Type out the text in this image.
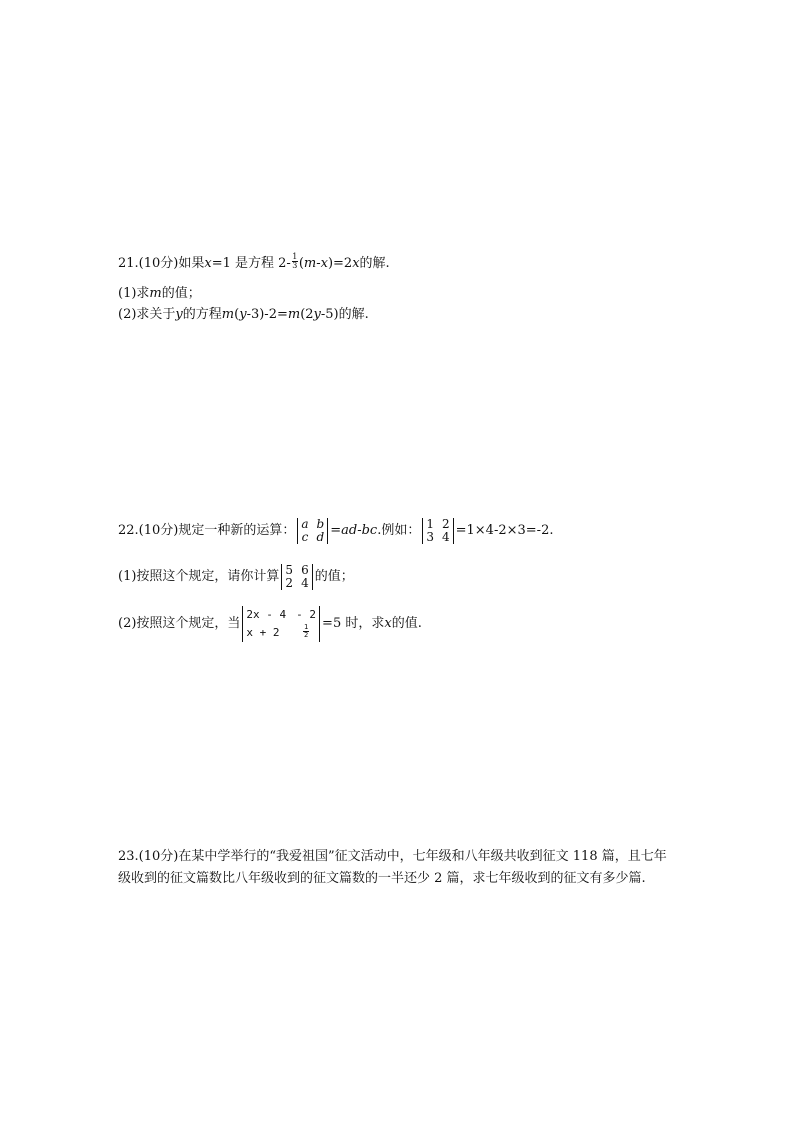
21.(10分)如果 x =1 是方程 $2- \frac{1}{3}$ ( m-x )=2 x 的解.
(1)求 m 的值；
(2)求关于 y 的方程 m ( y -3)-2= m (2 y -5)的解.
22.(10分)规定一种新的运算： a b
c d = ad-bc .例如： 1 2
3 4 =1×4-2×3=-2.
(1)按照这个规定，请你计算 5 6
2 4 的值；
(2)按照这个规定，当
2x - 4 - 2
x + 2	$\frac{1}{2}$
=5 时，求 x 的值.
23.(10分)在某中学举行的“我爱祖国”征文活动中，七年级和八年级共收到征文 118 篇，且七年级收到的征文篇数比八年级收到的征文篇数的一半还少 2 篇，求七年级收到的征文有多少篇.
